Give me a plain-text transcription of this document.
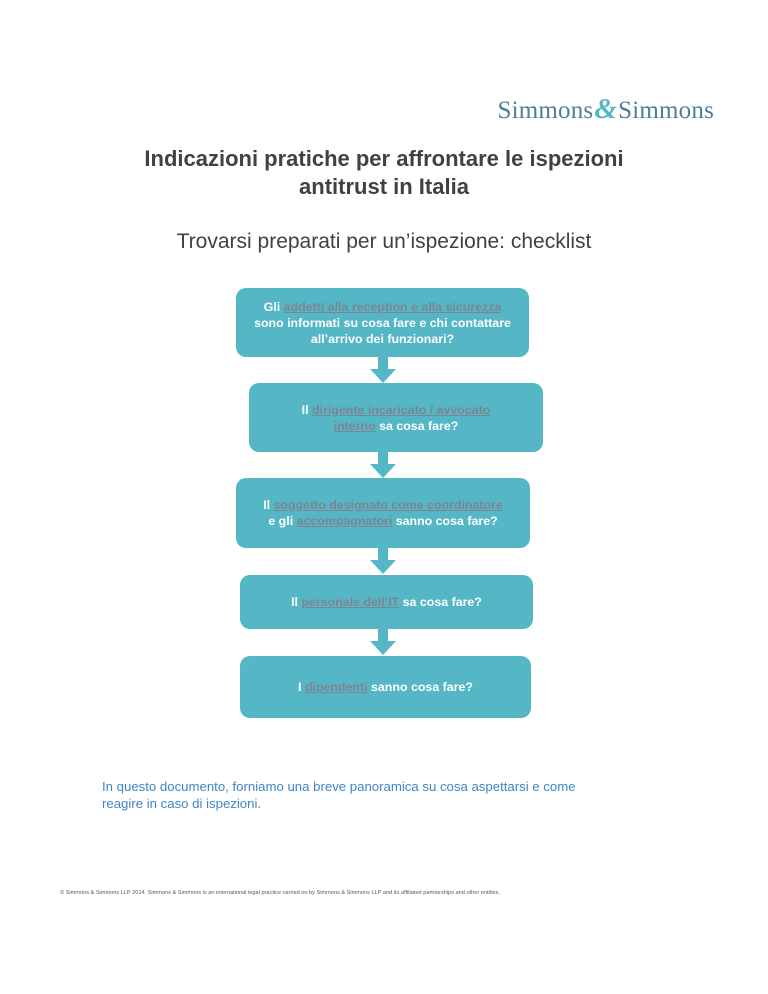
Simmons&Simmons
Indicazioni pratiche per affrontare le ispezioni
antitrust in Italia
Trovarsi preparati per un’ispezione: checklist
Gli addetti alla reception e alla sicurezza sono informati su cosa fare e chi contattare all’arrivo dei funzionari?
Il dirigente incaricato / avvocato interno sa cosa fare?
Il soggetto designato come coordinatore e gli accompagnatori sanno cosa fare?
Il personale dell’IT sa cosa fare?
I dipendenti sanno cosa fare?
In questo documento, forniamo una breve panoramica su cosa aspettarsi e come reagire in caso di ispezioni.
© Simmons & Simmons LLP 2014. Simmons & Simmons is an international legal practice carried on by Simmons & Simmons LLP and its affiliated partnerships and other entities.
